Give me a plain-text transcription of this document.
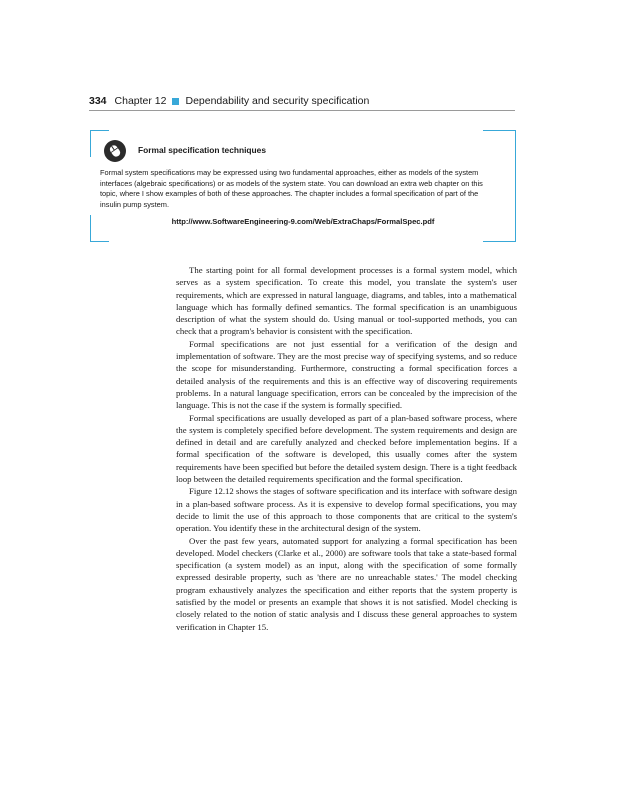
334 Chapter 12 Dependability and security specification
Formal specification techniques
Formal system specifications may be expressed using two fundamental approaches, either as models of the system interfaces (algebraic specifications) or as models of the system state. You can download an extra web chapter on this topic, where I show examples of both of these approaches. The chapter includes a formal specification of part of the insulin pump system.
http://www.SoftwareEngineering-9.com/Web/ExtraChaps/FormalSpec.pdf

The starting point for all formal development processes is a formal system model, which serves as a system specification. To create this model, you translate the system's user requirements, which are expressed in natural language, diagrams, and tables, into a mathematical language which has formally defined semantics. The formal specification is an unambiguous description of what the system should do. Using manual or tool-supported methods, you can check that a program's behavior is consistent with the specification.

Formal specifications are not just essential for a verification of the design and implementation of software. They are the most precise way of specifying systems, and so reduce the scope for misunderstanding. Furthermore, constructing a formal specification forces a detailed analysis of the requirements and this is an effective way of discovering requirements problems. In a natural language specification, errors can be concealed by the imprecision of the language. This is not the case if the system is formally specified.

Formal specifications are usually developed as part of a plan-based software process, where the system is completely specified before development. The system requirements and design are defined in detail and are carefully analyzed and checked before implementation begins. If a formal specification of the software is developed, this usually comes after the system requirements have been specified but before the detailed system design. There is a tight feedback loop between the detailed requirements specification and the formal specification.

Figure 12.12 shows the stages of software specification and its interface with software design in a plan-based software process. As it is expensive to develop formal specifications, you may decide to limit the use of this approach to those components that are critical to the system's operation. You identify these in the architectural design of the system.

Over the past few years, automated support for analyzing a formal specification has been developed. Model checkers (Clarke et al., 2000) are software tools that take a state-based formal specification (a system model) as an input, along with the specification of some formally expressed desirable property, such as 'there are no unreachable states.' The model checking program exhaustively analyzes the specification and either reports that the system property is satisfied by the model or presents an example that shows it is not satisfied. Model checking is closely related to the notion of static analysis and I discuss these general approaches to system verification in Chapter 15.
